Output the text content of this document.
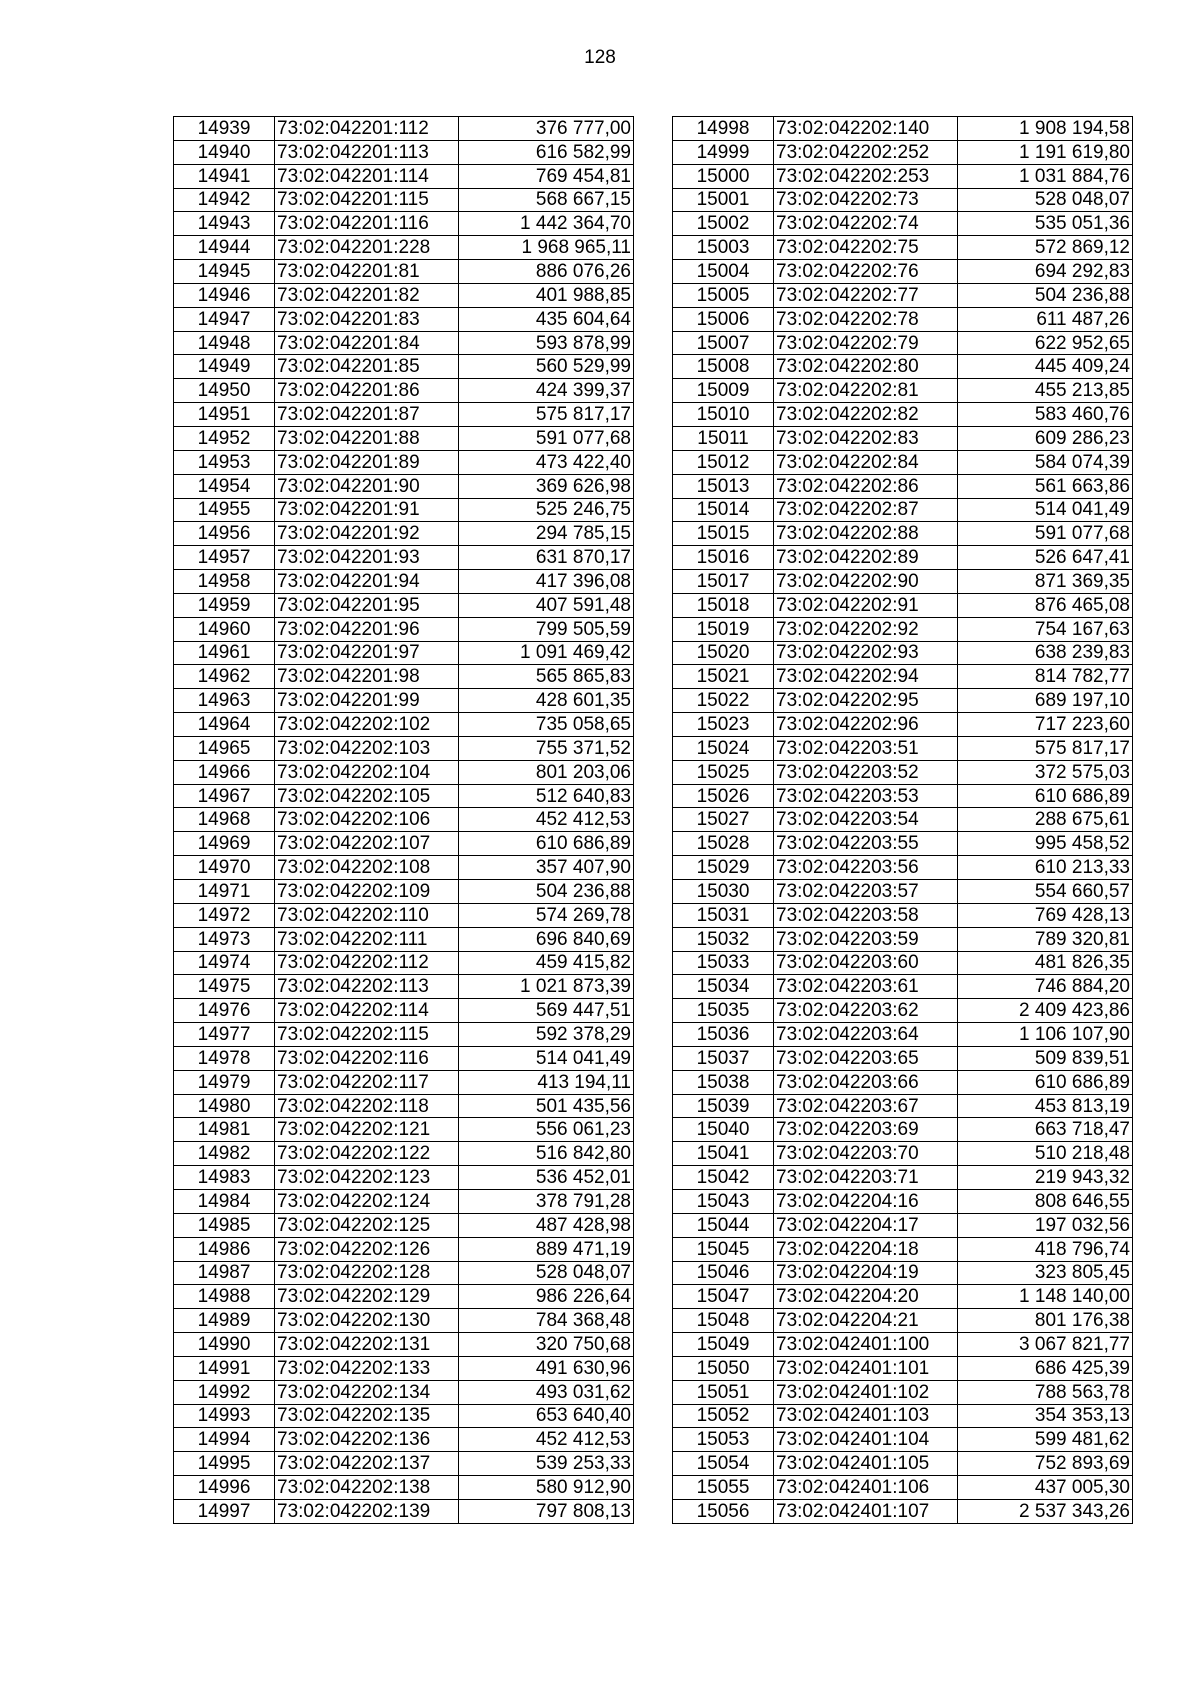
128
14939	73:02:042201:112	376 777,00
14940	73:02:042201:113	616 582,99
14941	73:02:042201:114	769 454,81
14942	73:02:042201:115	568 667,15
14943	73:02:042201:116	1 442 364,70
14944	73:02:042201:228	1 968 965,11
14945	73:02:042201:81	886 076,26
14946	73:02:042201:82	401 988,85
14947	73:02:042201:83	435 604,64
14948	73:02:042201:84	593 878,99
14949	73:02:042201:85	560 529,99
14950	73:02:042201:86	424 399,37
14951	73:02:042201:87	575 817,17
14952	73:02:042201:88	591 077,68
14953	73:02:042201:89	473 422,40
14954	73:02:042201:90	369 626,98
14955	73:02:042201:91	525 246,75
14956	73:02:042201:92	294 785,15
14957	73:02:042201:93	631 870,17
14958	73:02:042201:94	417 396,08
14959	73:02:042201:95	407 591,48
14960	73:02:042201:96	799 505,59
14961	73:02:042201:97	1 091 469,42
14962	73:02:042201:98	565 865,83
14963	73:02:042201:99	428 601,35
14964	73:02:042202:102	735 058,65
14965	73:02:042202:103	755 371,52
14966	73:02:042202:104	801 203,06
14967	73:02:042202:105	512 640,83
14968	73:02:042202:106	452 412,53
14969	73:02:042202:107	610 686,89
14970	73:02:042202:108	357 407,90
14971	73:02:042202:109	504 236,88
14972	73:02:042202:110	574 269,78
14973	73:02:042202:111	696 840,69
14974	73:02:042202:112	459 415,82
14975	73:02:042202:113	1 021 873,39
14976	73:02:042202:114	569 447,51
14977	73:02:042202:115	592 378,29
14978	73:02:042202:116	514 041,49
14979	73:02:042202:117	413 194,11
14980	73:02:042202:118	501 435,56
14981	73:02:042202:121	556 061,23
14982	73:02:042202:122	516 842,80
14983	73:02:042202:123	536 452,01
14984	73:02:042202:124	378 791,28
14985	73:02:042202:125	487 428,98
14986	73:02:042202:126	889 471,19
14987	73:02:042202:128	528 048,07
14988	73:02:042202:129	986 226,64
14989	73:02:042202:130	784 368,48
14990	73:02:042202:131	320 750,68
14991	73:02:042202:133	491 630,96
14992	73:02:042202:134	493 031,62
14993	73:02:042202:135	653 640,40
14994	73:02:042202:136	452 412,53
14995	73:02:042202:137	539 253,33
14996	73:02:042202:138	580 912,90
14997	73:02:042202:139	797 808,13
14998	73:02:042202:140	1 908 194,58
14999	73:02:042202:252	1 191 619,80
15000	73:02:042202:253	1 031 884,76
15001	73:02:042202:73	528 048,07
15002	73:02:042202:74	535 051,36
15003	73:02:042202:75	572 869,12
15004	73:02:042202:76	694 292,83
15005	73:02:042202:77	504 236,88
15006	73:02:042202:78	611 487,26
15007	73:02:042202:79	622 952,65
15008	73:02:042202:80	445 409,24
15009	73:02:042202:81	455 213,85
15010	73:02:042202:82	583 460,76
15011	73:02:042202:83	609 286,23
15012	73:02:042202:84	584 074,39
15013	73:02:042202:86	561 663,86
15014	73:02:042202:87	514 041,49
15015	73:02:042202:88	591 077,68
15016	73:02:042202:89	526 647,41
15017	73:02:042202:90	871 369,35
15018	73:02:042202:91	876 465,08
15019	73:02:042202:92	754 167,63
15020	73:02:042202:93	638 239,83
15021	73:02:042202:94	814 782,77
15022	73:02:042202:95	689 197,10
15023	73:02:042202:96	717 223,60
15024	73:02:042203:51	575 817,17
15025	73:02:042203:52	372 575,03
15026	73:02:042203:53	610 686,89
15027	73:02:042203:54	288 675,61
15028	73:02:042203:55	995 458,52
15029	73:02:042203:56	610 213,33
15030	73:02:042203:57	554 660,57
15031	73:02:042203:58	769 428,13
15032	73:02:042203:59	789 320,81
15033	73:02:042203:60	481 826,35
15034	73:02:042203:61	746 884,20
15035	73:02:042203:62	2 409 423,86
15036	73:02:042203:64	1 106 107,90
15037	73:02:042203:65	509 839,51
15038	73:02:042203:66	610 686,89
15039	73:02:042203:67	453 813,19
15040	73:02:042203:69	663 718,47
15041	73:02:042203:70	510 218,48
15042	73:02:042203:71	219 943,32
15043	73:02:042204:16	808 646,55
15044	73:02:042204:17	197 032,56
15045	73:02:042204:18	418 796,74
15046	73:02:042204:19	323 805,45
15047	73:02:042204:20	1 148 140,00
15048	73:02:042204:21	801 176,38
15049	73:02:042401:100	3 067 821,77
15050	73:02:042401:101	686 425,39
15051	73:02:042401:102	788 563,78
15052	73:02:042401:103	354 353,13
15053	73:02:042401:104	599 481,62
15054	73:02:042401:105	752 893,69
15055	73:02:042401:106	437 005,30
15056	73:02:042401:107	2 537 343,26
